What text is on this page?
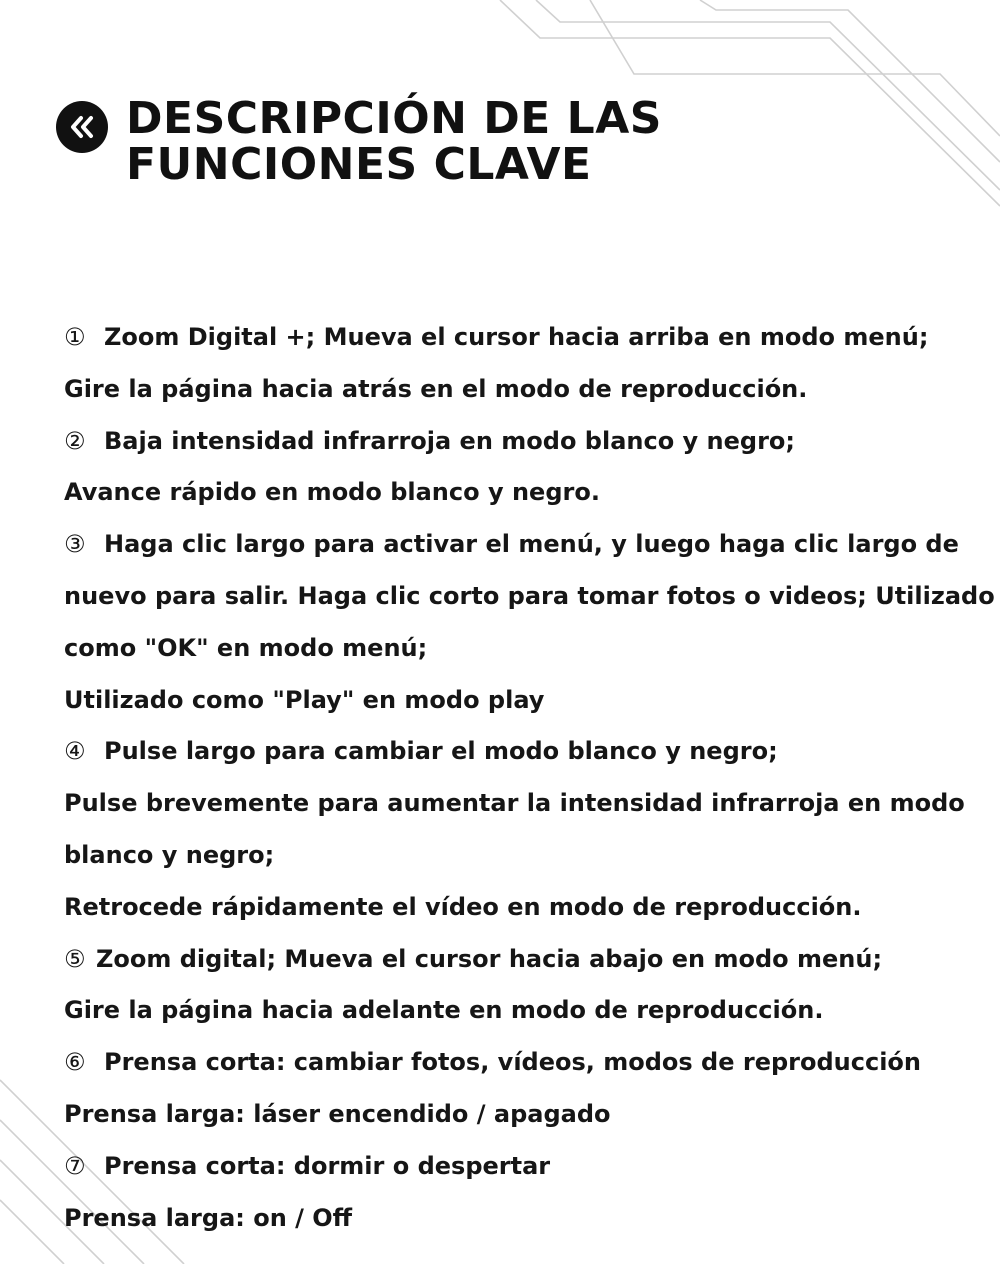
DESCRIPCIÓN DE LAS
FUNCIONES CLAVE
① Zoom Digital +; Mueva el cursor hacia arriba en modo menú;
Gire la página hacia atrás en el modo de reproducción.
② Baja intensidad infrarroja en modo blanco y negro;
Avance rápido en modo blanco y negro.
③ Haga clic largo para activar el menú, y luego haga clic largo de
nuevo para salir. Haga clic corto para tomar fotos o videos; Utilizado
como "OK" en modo menú;
Utilizado como "Play" en modo play
④ Pulse largo para cambiar el modo blanco y negro;
Pulse brevemente para aumentar la intensidad infrarroja en modo
blanco y negro;
Retrocede rápidamente el vídeo en modo de reproducción.
⑤ Zoom digital; Mueva el cursor hacia abajo en modo menú;
Gire la página hacia adelante en modo de reproducción.
⑥ Prensa corta: cambiar fotos, vídeos, modos de reproducción
Prensa larga: láser encendido / apagado
⑦ Prensa corta: dormir o despertar
Prensa larga: on / Off
